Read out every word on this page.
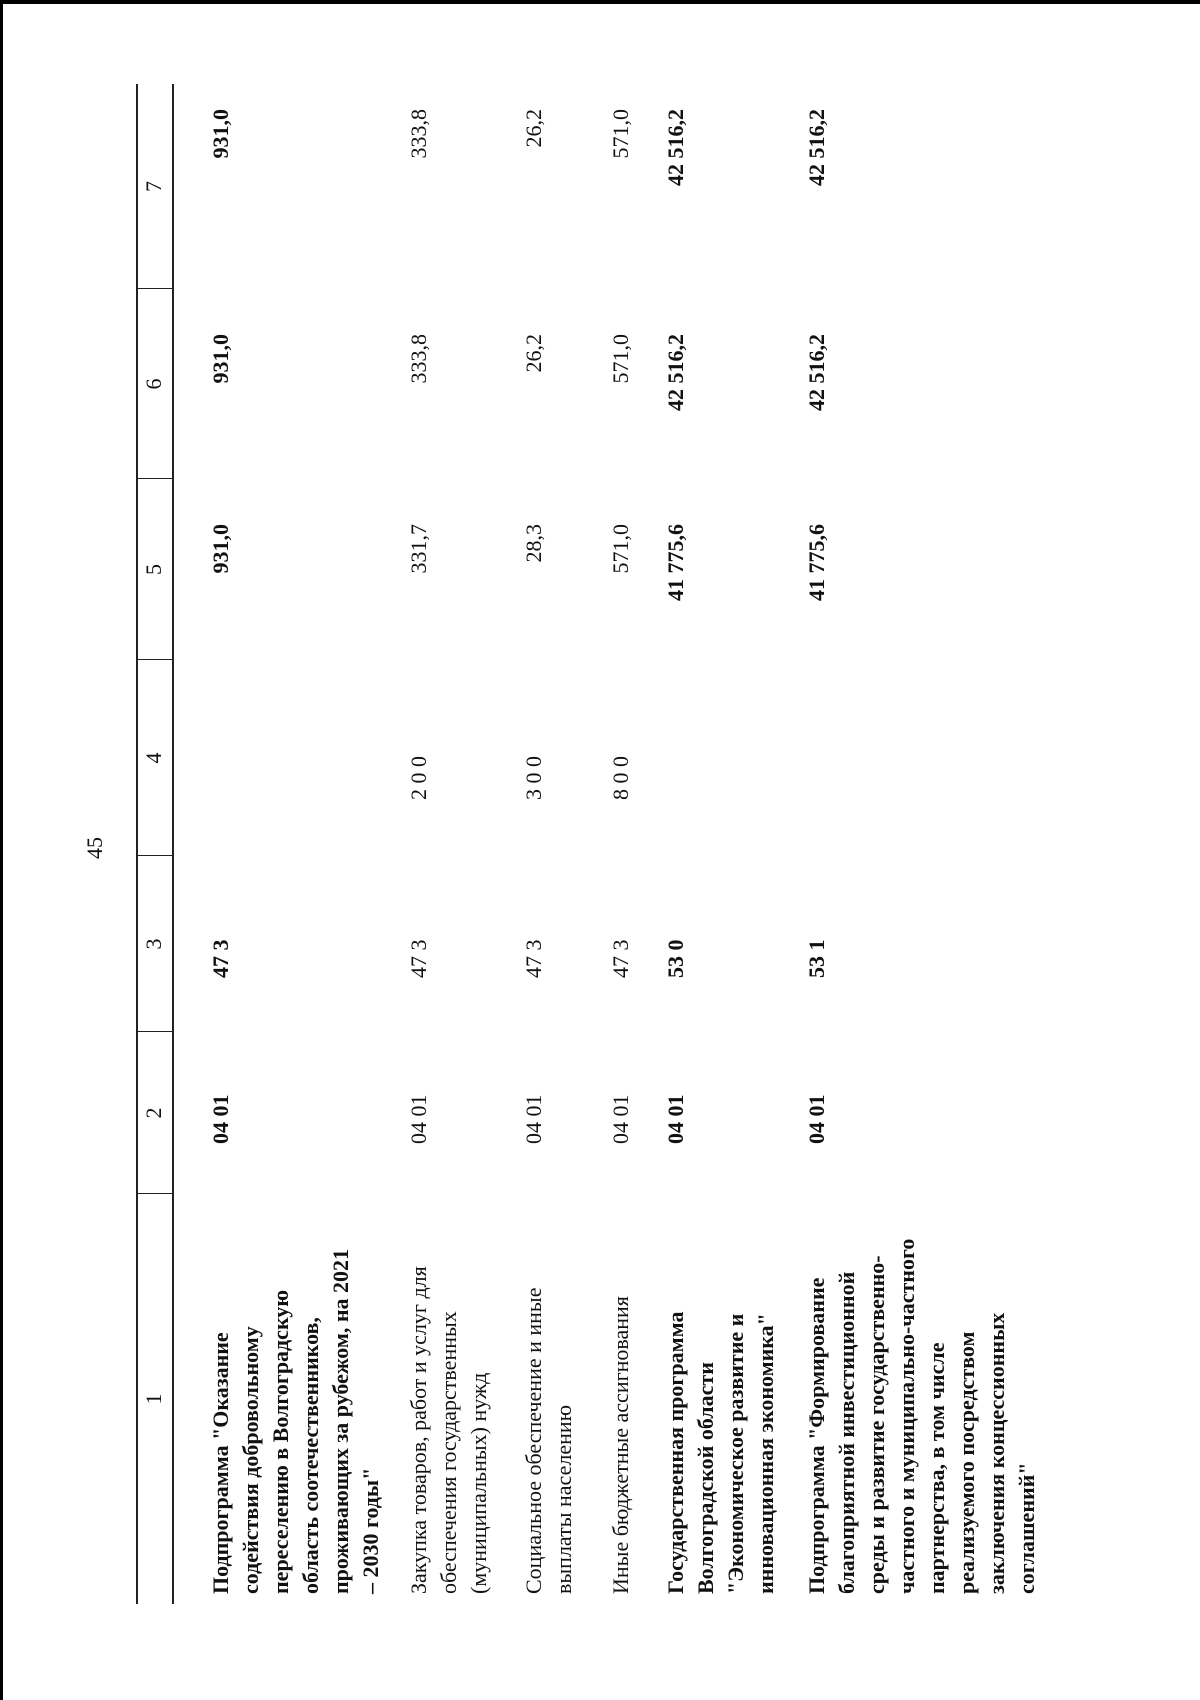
45
1
2
3
4
5
6
7
Подпрограмма "Оказание содействия добровольному переселению в Волгоградскую область соотечественников, проживающих за рубежом, на 2021 – 2030 годы"
04 01
47 3
931,0
931,0
931,0
Закупка товаров, работ и услуг для обеспечения государственных (муниципальных) нужд
04 01
47 3
2 0 0
331,7
333,8
333,8
Социальное обеспечение и иные выплаты населению
04 01
47 3
3 0 0
28,3
26,2
26,2
Иные бюджетные ассигнования
04 01
47 3
8 0 0
571,0
571,0
571,0
Государственная программа Волгоградской области "Экономическое развитие и инновационная экономика"
04 01
53 0
41 775,6
42 516,2
42 516,2
Подпрограмма "Формирование благоприятной инвестиционной среды и развитие государственно-частного и муниципально-частного партнерства, в том числе реализуемого посредством заключения концессионных соглашений"
04 01
53 1
41 775,6
42 516,2
42 516,2
